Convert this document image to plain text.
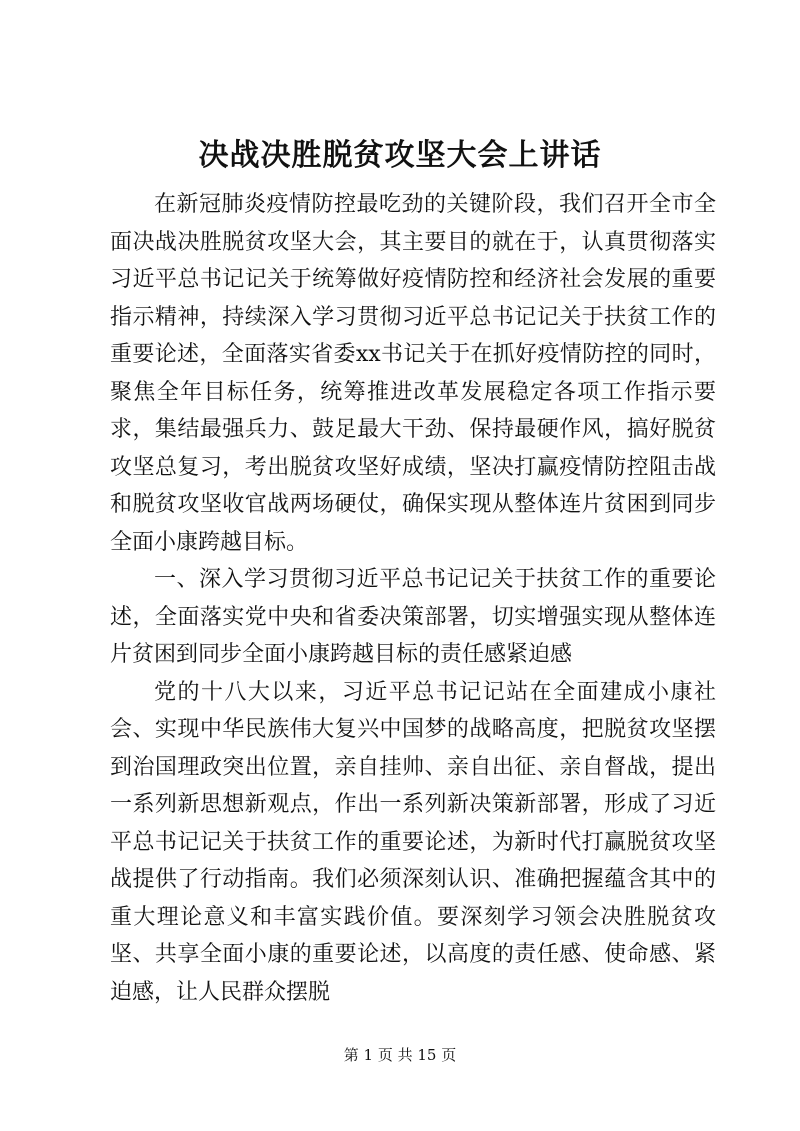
决战决胜脱贫攻坚大会上讲话

在新冠肺炎疫情防控最吃劲的关键阶段，我们召开全市全面决战决胜脱贫攻坚大会，其主要目的就在于，认真贯彻落实习近平总书记记关于统筹做好疫情防控和经济社会发展的重要指示精神，持续深入学习贯彻习近平总书记记关于扶贫工作的重要论述，全面落实省委xx书记关于在抓好疫情防控的同时，聚焦全年目标任务，统筹推进改革发展稳定各项工作指示要求，集结最强兵力、鼓足最大干劲、保持最硬作风，搞好脱贫攻坚总复习，考出脱贫攻坚好成绩，坚决打赢疫情防控阻击战和脱贫攻坚收官战两场硬仗，确保实现从整体连片贫困到同步全面小康跨越目标。

一、深入学习贯彻习近平总书记记关于扶贫工作的重要论述，全面落实党中央和省委决策部署，切实增强实现从整体连片贫困到同步全面小康跨越目标的责任感紧迫感

党的十八大以来，习近平总书记记站在全面建成小康社会、实现中华民族伟大复兴中国梦的战略高度，把脱贫攻坚摆到治国理政突出位置，亲自挂帅、亲自出征、亲自督战，提出一系列新思想新观点，作出一系列新决策新部署，形成了习近平总书记记关于扶贫工作的重要论述，为新时代打赢脱贫攻坚战提供了行动指南。我们必须深刻认识、准确把握蕴含其中的重大理论意义和丰富实践价值。要深刻学习领会决胜脱贫攻坚、共享全面小康的重要论述，以高度的责任感、使命感、紧迫感，让人民群众摆脱

第 1 页 共 15 页
